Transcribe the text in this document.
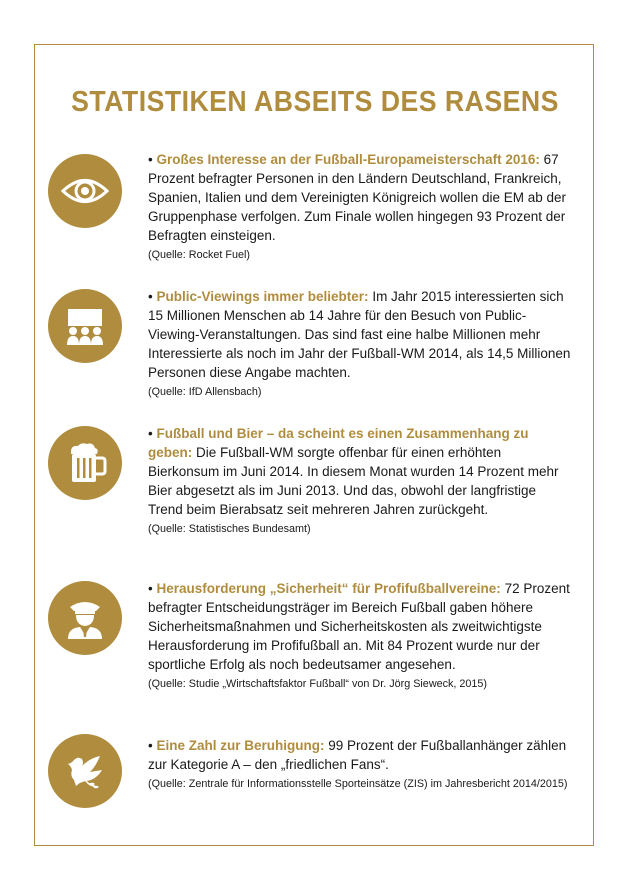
STATISTIKEN ABSEITS DES RASENS
• Großes Interesse an der Fußball-Europameisterschaft 2016: 67 Prozent befragter Personen in den Ländern Deutschland, Frankreich, Spanien, Italien und dem Vereinigten Königreich wollen die EM ab der Gruppenphase verfolgen. Zum Finale wollen hingegen 93 Prozent der Befragten einsteigen.
(Quelle: Rocket Fuel)
• Public-Viewings immer beliebter: Im Jahr 2015 interessierten sich 15 Millionen Menschen ab 14 Jahre für den Besuch von Public-Viewing-Veranstaltungen. Das sind fast eine halbe Millionen mehr Interessierte als noch im Jahr der Fußball-WM 2014, als 14,5 Millionen Personen diese Angabe machten.
(Quelle: IfD Allensbach)
• Fußball und Bier – da scheint es einen Zusammenhang zu geben: Die Fußball-WM sorgte offenbar für einen erhöhten Bierkonsum im Juni 2014. In diesem Monat wurden 14 Prozent mehr Bier abgesetzt als im Juni 2013. Und das, obwohl der langfristige Trend beim Bierabsatz seit mehreren Jahren zurückgeht.
(Quelle: Statistisches Bundesamt)
• Herausforderung „Sicherheit“ für Profifußballvereine: 72 Prozent befragter Entscheidungsträger im Bereich Fußball gaben höhere Sicherheitsmaßnahmen und Sicherheitskosten als zweitwichtigste Herausforderung im Profifußball an. Mit 84 Prozent wurde nur der sportliche Erfolg als noch bedeutsamer angesehen.
(Quelle: Studie „Wirtschaftsfaktor Fußball“ von Dr. Jörg Sieweck, 2015)
• Eine Zahl zur Beruhigung: 99 Prozent der Fußballanhänger zählen zur Kategorie A – den „friedlichen Fans“.
(Quelle: Zentrale für Informationsstelle Sporteinsätze (ZIS) im Jahresbericht 2014/2015)
